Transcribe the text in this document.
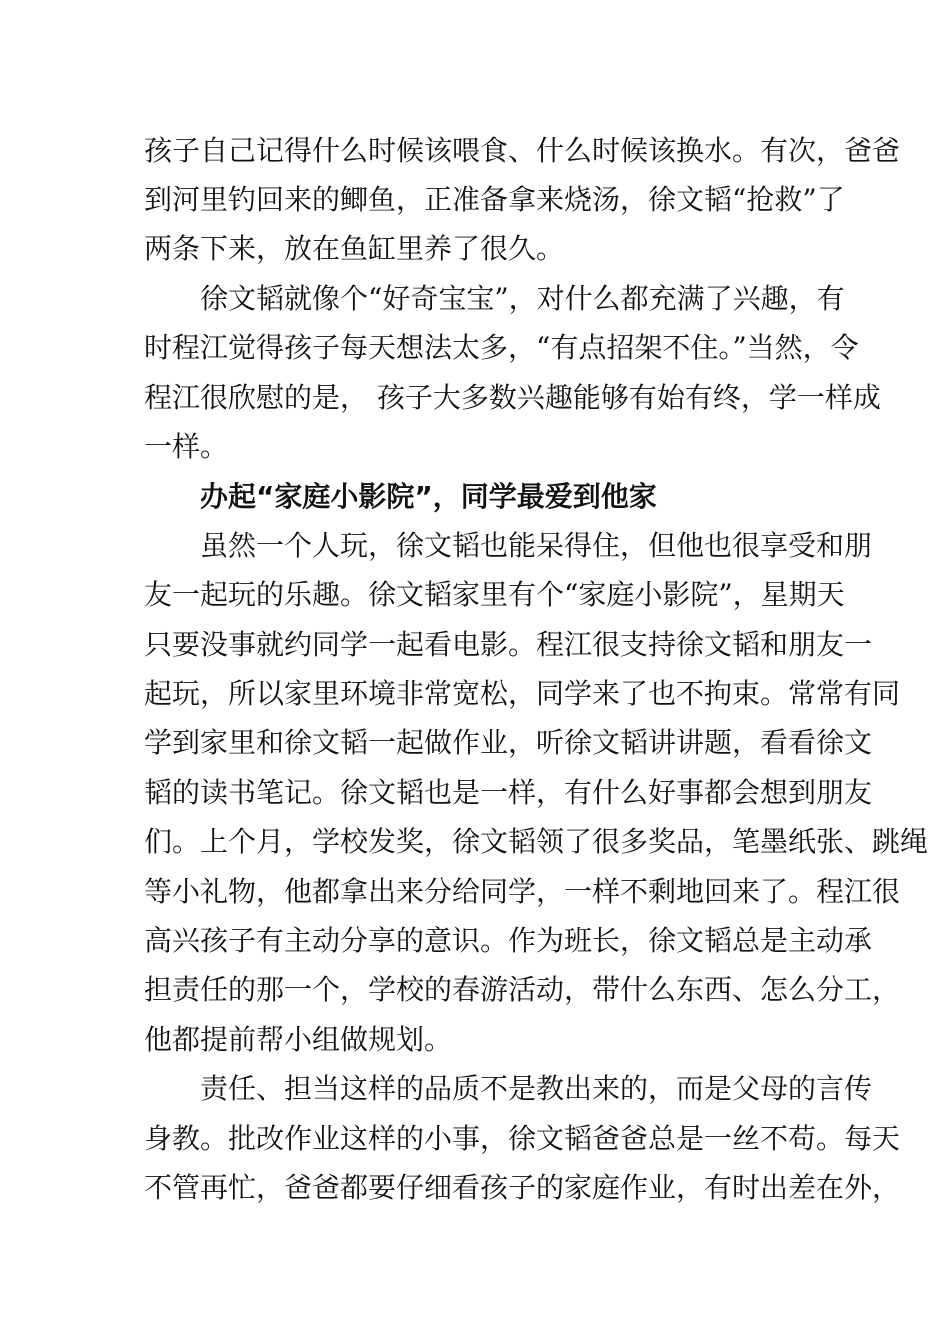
孩子自己记得什么时候该喂食、什么时候该换水。有次，爸爸
到河里钓回来的鲫鱼，正准备拿来烧汤，徐文韬“抢救”了
两条下来，放在鱼缸里养了很久。
徐文韬就像个“好奇宝宝”，对什么都充满了兴趣，有
时程江觉得孩子每天想法太多，“有点招架不住。”当然，令
程江很欣慰的是， 孩子大多数兴趣能够有始有终，学一样成
一样。
办起“家庭小影院”，同学最爱到他家
虽然一个人玩，徐文韬也能呆得住，但他也很享受和朋
友一起玩的乐趣。徐文韬家里有个“家庭小影院”，星期天
只要没事就约同学一起看电影。程江很支持徐文韬和朋友一
起玩，所以家里环境非常宽松，同学来了也不拘束。常常有同
学到家里和徐文韬一起做作业，听徐文韬讲讲题，看看徐文
韬的读书笔记。徐文韬也是一样，有什么好事都会想到朋友
们。上个月，学校发奖，徐文韬领了很多奖品，笔墨纸张、跳绳
等小礼物，他都拿出来分给同学，一样不剩地回来了。程江很
高兴孩子有主动分享的意识。作为班长，徐文韬总是主动承
担责任的那一个，学校的春游活动，带什么东西、怎么分工，
他都提前帮小组做规划。
责任、担当这样的品质不是教出来的，而是父母的言传
身教。批改作业这样的小事，徐文韬爸爸总是一丝不苟。每天
不管再忙，爸爸都要仔细看孩子的家庭作业，有时出差在外，
